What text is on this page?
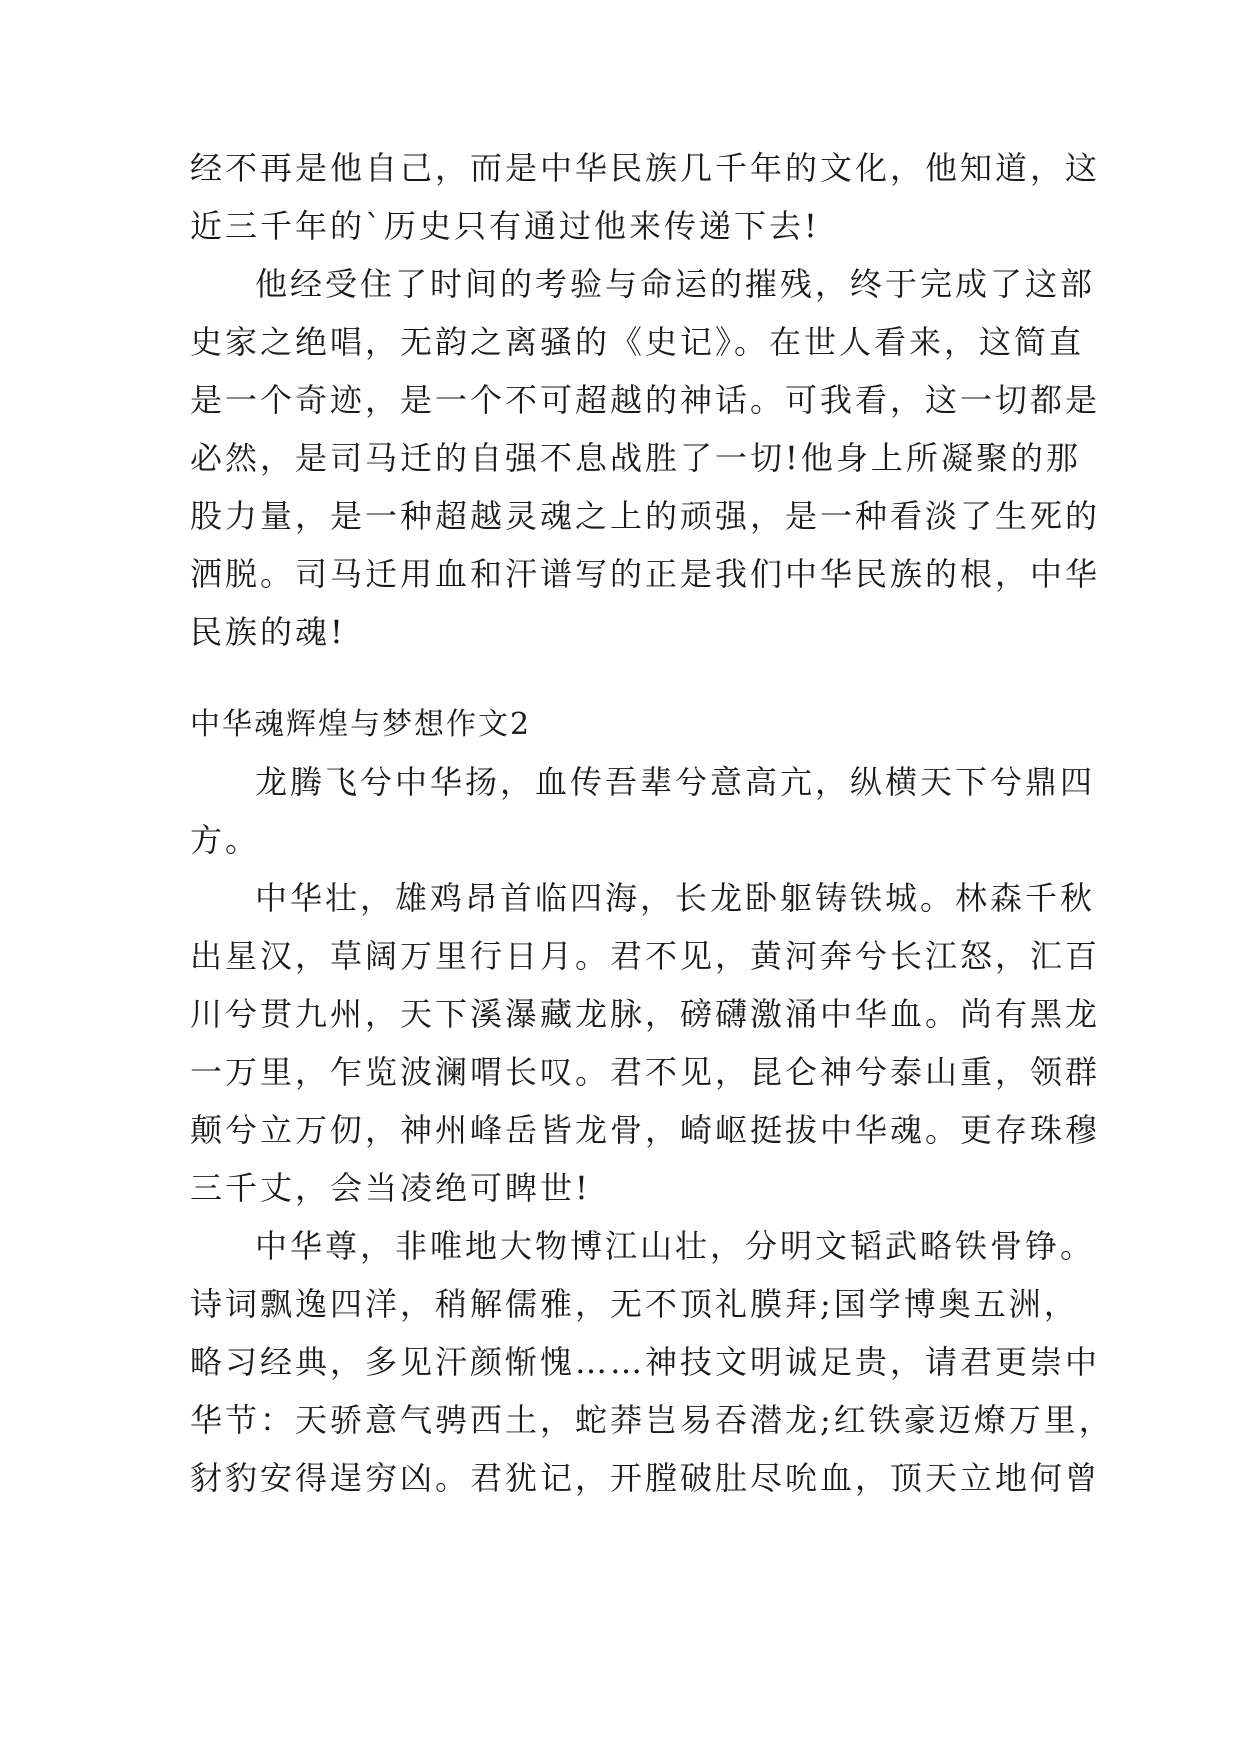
经不再是他自己，而是中华民族几千年的文化，他知道，这
近三千年的`历史只有通过他来传递下去!
他经受住了时间的考验与命运的摧残，终于完成了这部
史家之绝唱，无韵之离骚的《史记》。在世人看来，这简直
是一个奇迹，是一个不可超越的神话。可我看，这一切都是
必然，是司马迁的自强不息战胜了一切!他身上所凝聚的那
股力量，是一种超越灵魂之上的顽强，是一种看淡了生死的
洒脱。司马迁用血和汗谱写的正是我们中华民族的根，中华
民族的魂!
中华魂辉煌与梦想作文2
龙腾飞兮中华扬，血传吾辈兮意高亢，纵横天下兮鼎四
方。
中华壮，雄鸡昂首临四海，长龙卧躯铸铁城。林森千秋
出星汉，草阔万里行日月。君不见，黄河奔兮长江怒，汇百
川兮贯九州，天下溪瀑藏龙脉，磅礴激涌中华血。尚有黑龙
一万里，乍览波澜喟长叹。君不见，昆仑神兮泰山重，领群
颠兮立万仞，神州峰岳皆龙骨，崎岖挺拔中华魂。更存珠穆
三千丈，会当凌绝可睥世!
中华尊，非唯地大物博江山壮，分明文韬武略铁骨铮。
诗词飘逸四洋，稍解儒雅，无不顶礼膜拜;国学博奥五洲，
略习经典，多见汗颜惭愧……神技文明诚足贵，请君更崇中
华节：天骄意气骋西土，蛇莽岂易吞潜龙;红铁豪迈燎万里，
豺豹安得逞穷凶。君犹记，开膛破肚尽吮血，顶天立地何曾
